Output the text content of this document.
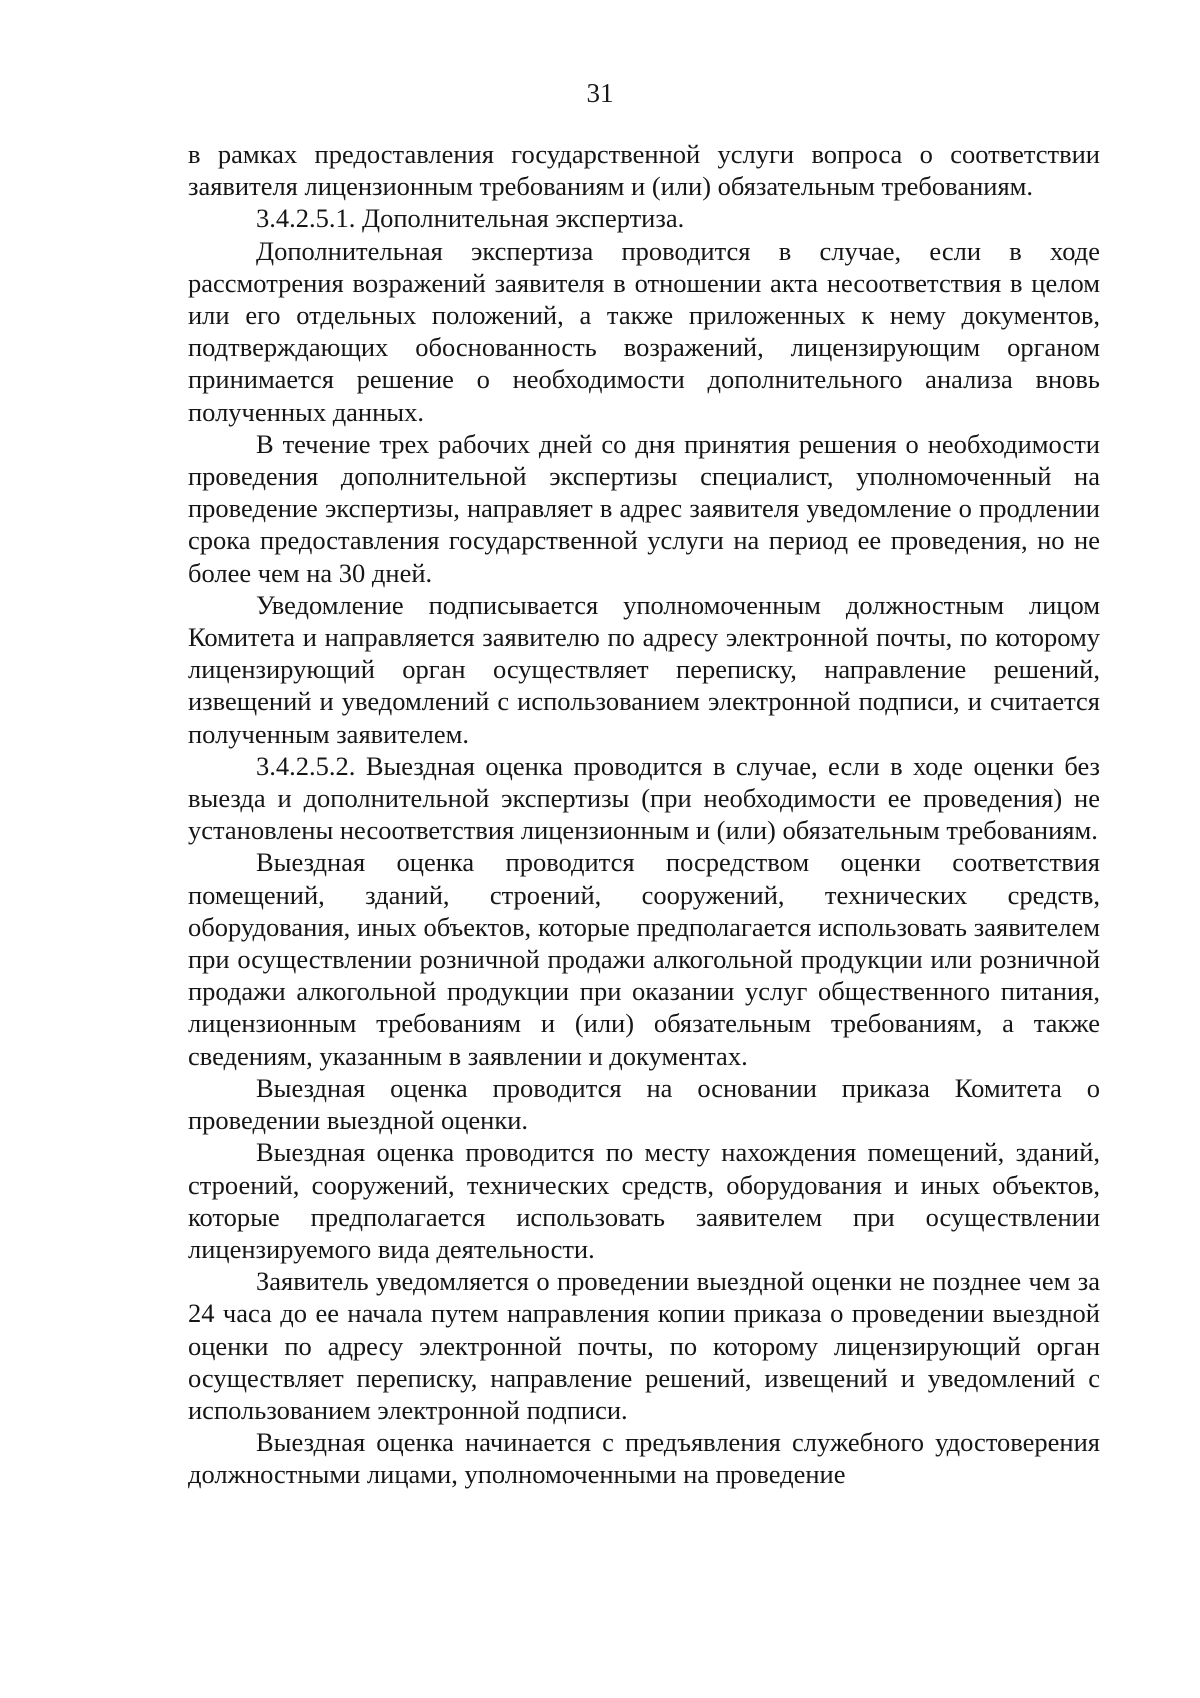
31

в рамках предоставления государственной услуги вопроса о соответствии заявителя лицензионным требованиям и (или) обязательным требованиям.

3.4.2.5.1. Дополнительная экспертиза.

Дополнительная экспертиза проводится в случае, если в ходе рассмотрения возражений заявителя в отношении акта несоответствия в целом или его отдельных положений, а также приложенных к нему документов, подтверждающих обоснованность возражений, лицензирующим органом принимается решение о необходимости дополнительного анализа вновь полученных данных.

В течение трех рабочих дней со дня принятия решения о необходимости проведения дополнительной экспертизы специалист, уполномоченный на проведение экспертизы, направляет в адрес заявителя уведомление о продлении срока предоставления государственной услуги на период ее проведения, но не более чем на 30 дней.

Уведомление подписывается уполномоченным должностным лицом Комитета и направляется заявителю по адресу электронной почты, по которому лицензирующий орган осуществляет переписку, направление решений, извещений и уведомлений с использованием электронной подписи, и считается полученным заявителем.

3.4.2.5.2. Выездная оценка проводится в случае, если в ходе оценки без выезда и дополнительной экспертизы (при необходимости ее проведения) не установлены несоответствия лицензионным и (или) обязательным требованиям.

Выездная оценка проводится посредством оценки соответствия помещений, зданий, строений, сооружений, технических средств, оборудования, иных объектов, которые предполагается использовать заявителем при осуществлении розничной продажи алкогольной продукции или розничной продажи алкогольной продукции при оказании услуг общественного питания, лицензионным требованиям и (или) обязательным требованиям, а также сведениям, указанным в заявлении и документах.

Выездная оценка проводится на основании приказа Комитета о проведении выездной оценки.

Выездная оценка проводится по месту нахождения помещений, зданий, строений, сооружений, технических средств, оборудования и иных объектов, которые предполагается использовать заявителем при осуществлении лицензируемого вида деятельности.

Заявитель уведомляется о проведении выездной оценки не позднее чем за 24 часа до ее начала путем направления копии приказа о проведении выездной оценки по адресу электронной почты, по которому лицензирующий орган осуществляет переписку, направление решений, извещений и уведомлений с использованием электронной подписи.

Выездная оценка начинается с предъявления служебного удостоверения должностными лицами, уполномоченными на проведение
